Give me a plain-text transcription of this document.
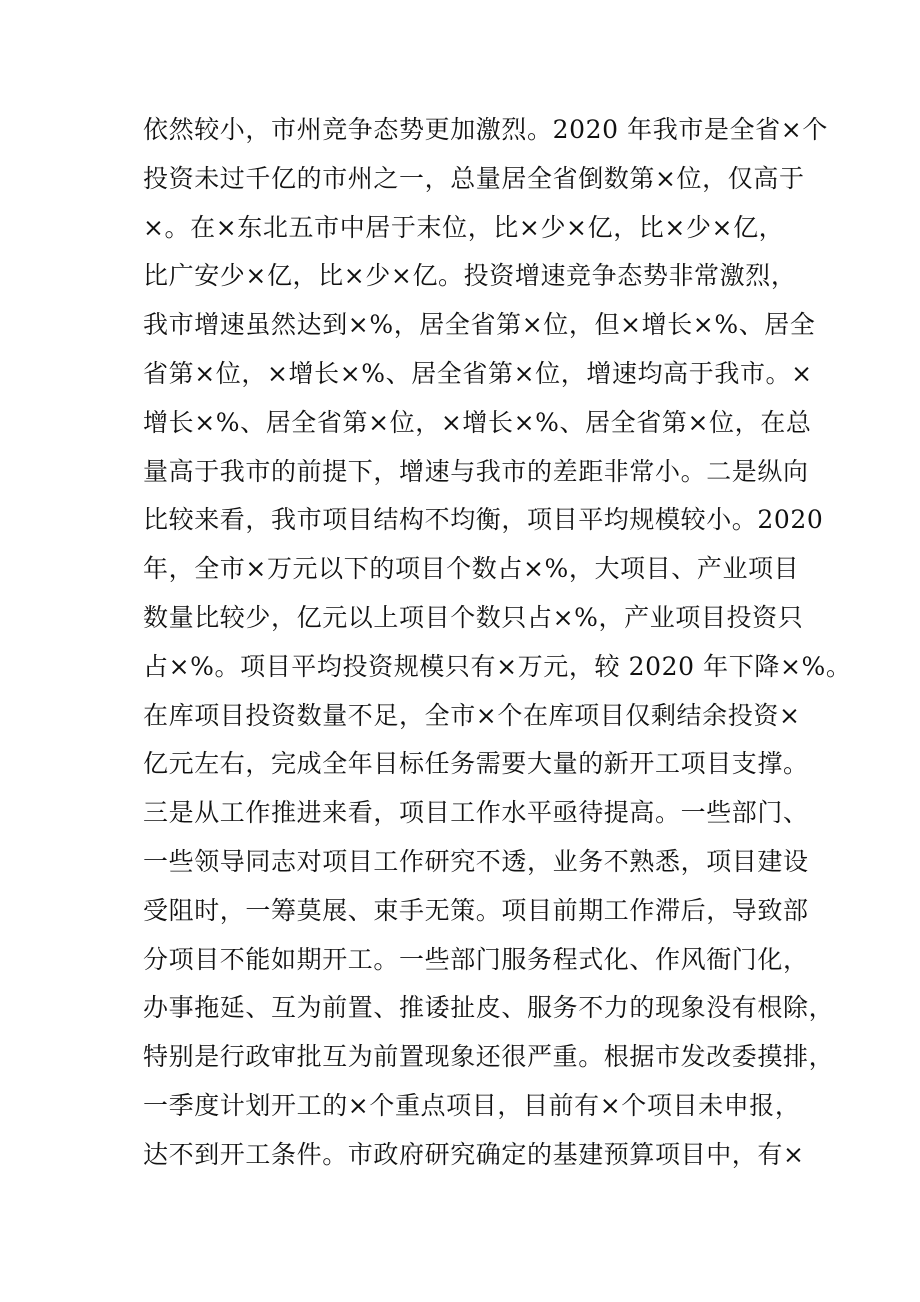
依然较小，市州竞争态势更加激烈。2020 年我市是全省×个
投资未过千亿的市州之一，总量居全省倒数第×位，仅高于
×。在×东北五市中居于末位，比×少×亿，比×少×亿，
比广安少×亿，比×少×亿。投资增速竞争态势非常激烈，
我市增速虽然达到×%，居全省第×位，但×增长×%、居全
省第×位，×增长×%、居全省第×位，增速均高于我市。×
增长×%、居全省第×位，×增长×%、居全省第×位，在总
量高于我市的前提下，增速与我市的差距非常小。二是纵向
比较来看，我市项目结构不均衡，项目平均规模较小。2020
年，全市×万元以下的项目个数占×%，大项目、产业项目
数量比较少，亿元以上项目个数只占×%，产业项目投资只
占×%。项目平均投资规模只有×万元，较 2020 年下降×%。
在库项目投资数量不足，全市×个在库项目仅剩结余投资×
亿元左右，完成全年目标任务需要大量的新开工项目支撑。
三是从工作推进来看，项目工作水平亟待提高。一些部门、
一些领导同志对项目工作研究不透，业务不熟悉，项目建设
受阻时，一筹莫展、束手无策。项目前期工作滞后，导致部
分项目不能如期开工。一些部门服务程式化、作风衙门化，
办事拖延、互为前置、推诿扯皮、服务不力的现象没有根除，
特别是行政审批互为前置现象还很严重。根据市发改委摸排，
一季度计划开工的×个重点项目，目前有×个项目未申报，
达不到开工条件。市政府研究确定的基建预算项目中，有×
